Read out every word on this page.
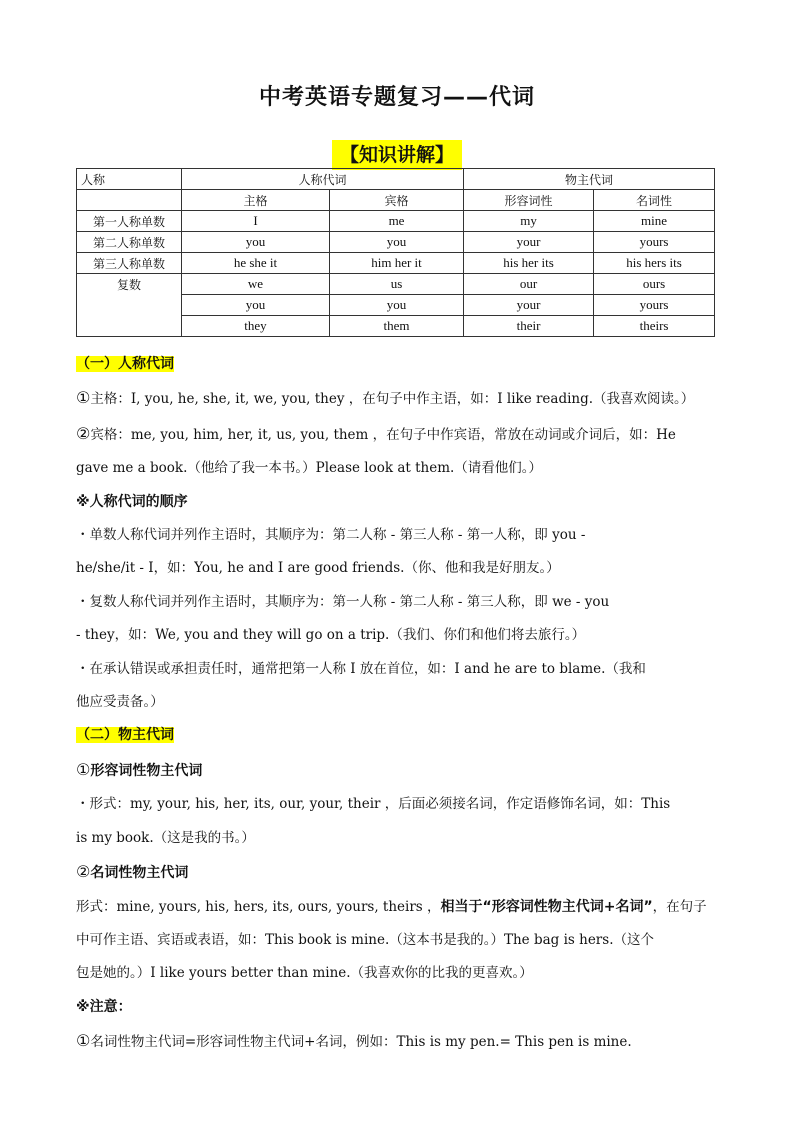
中考英语专题复习——代词
【知识讲解】
人称	人称代词		物主代词	
	主格	宾格	形容词性	名词性
第一人称单数	I	me	my	mine
第二人称单数	you	you	your	yours
第三人称单数	he she it	him her it	his her its	his hers its
复数	we	us	our	ours
	you	you	your	yours
	they	them	their	theirs

（一）人称代词

①主格：I, you, he, she, it, we, you, they ，在句子中作主语，如：I like reading.（我喜欢阅读。）

②宾格：me, you, him, her, it, us, you, them ，在句子中作宾语，常放在动词或介词后，如：He

gave me a book.（他给了我一本书。）Please look at them.（请看他们。）

※人称代词的顺序

・单数人称代词并列作主语时，其顺序为：第二人称 - 第三人称 - 第一人称，即 you -

he/she/it - I，如：You, he and I are good friends.（你、他和我是好朋友。）

・复数人称代词并列作主语时，其顺序为：第一人称 - 第二人称 - 第三人称，即 we - you

- they，如：We, you and they will go on a trip.（我们、你们和他们将去旅行。）

・在承认错误或承担责任时，通常把第一人称 I 放在首位，如：I and he are to blame.（我和

他应受责备。）

（二）物主代词

①形容词性物主代词

・形式：my, your, his, her, its, our, your, their ，后面必须接名词，作定语修饰名词，如：This

is my book.（这是我的书。）

②名词性物主代词

形式：mine, yours, his, hers, its, ours, yours, theirs ，相当于“形容词性物主代词+名词”，在句子

中可作主语、宾语或表语，如：This book is mine.（这本书是我的。）The bag is hers.（这个

包是她的。）I like yours better than mine.（我喜欢你的比我的更喜欢。）

※注意：

①名词性物主代词=形容词性物主代词+名词，例如：This is my pen.= This pen is mine.
